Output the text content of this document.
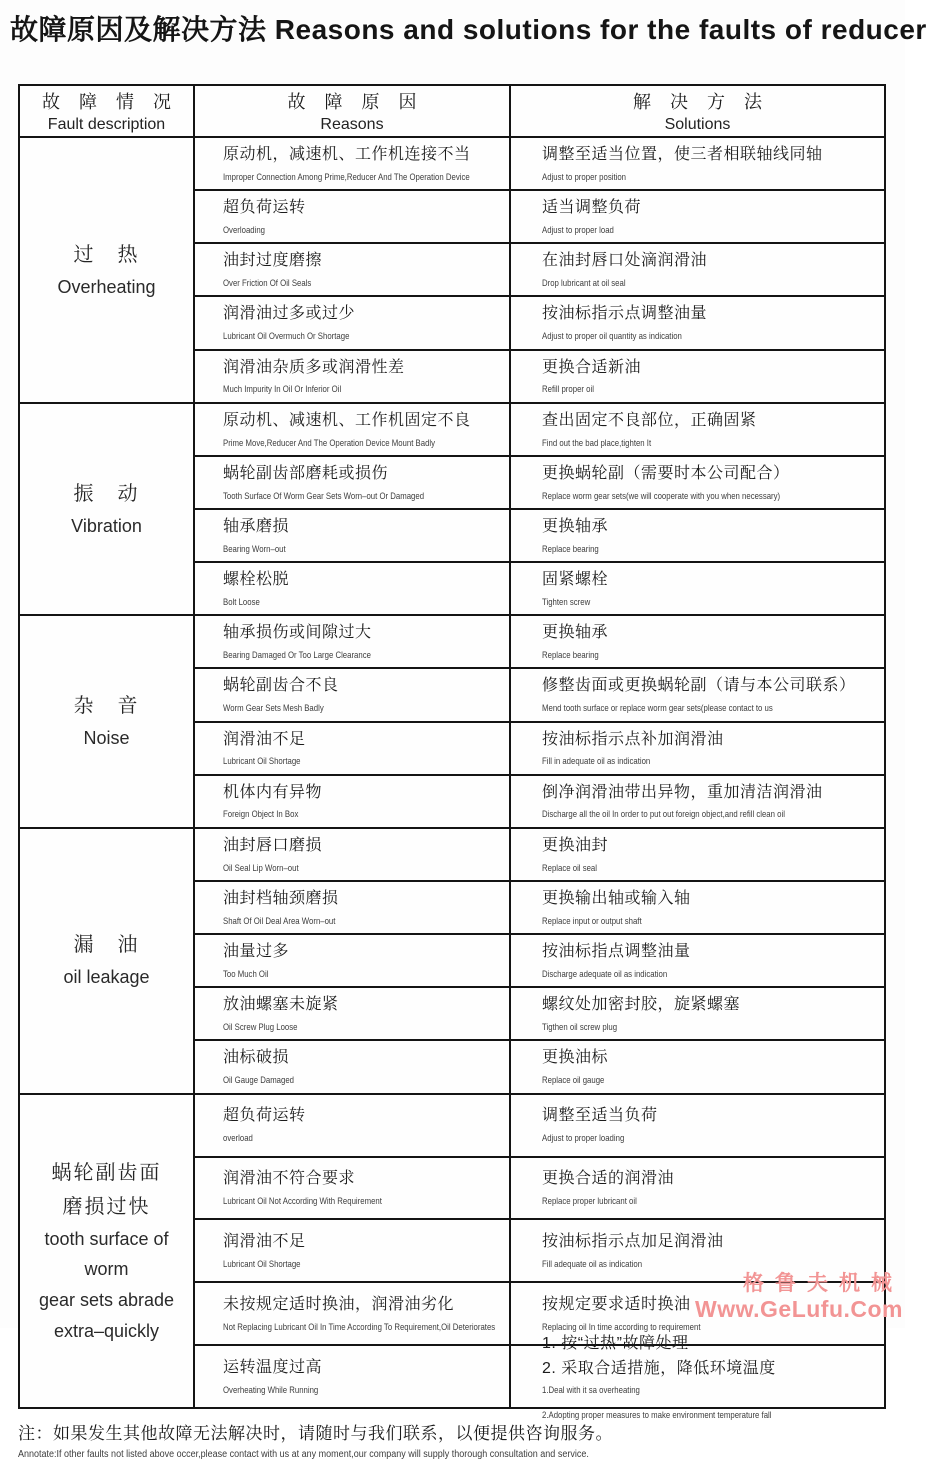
故障原因及解决方法 Reasons and solutions for the faults of reducer
故 障 情 况
Fault description
故 障 原 因
Reasons
解 决 方 法
Solutions
过　热
Overheating
原动机，减速机、工作机连接不当
Improper Connection Among Prime,Reducer And The Operation Device
调整至适当位置，使三者相联轴线同轴
Adjust to proper position
超负荷运转
Overloading
适当调整负荷
Adjust to proper load
油封过度磨擦
Over Friction Of Oil Seals
在油封唇口处滴润滑油
Drop lubricant at oil seal
润滑油过多或过少
Lubricant Oil Overmuch Or Shortage
按油标指示点调整油量
Adjust to proper oil quantity as indication
润滑油杂质多或润滑性差
Much Impurity In Oil Or Inferior Oil
更换合适新油
Refill proper oil
振　动
Vibration
原动机、减速机、工作机固定不良
Prime Move,Reducer And The Operation Device Mount Badly
查出固定不良部位，正确固紧
Find out the bad place,tighten It
蜗轮副齿部磨耗或损伤
Tooth Surface Of Worm Gear Sets Worn–out Or Damaged
更换蜗轮副（需要时本公司配合）
Replace worm gear sets(we will cooperate with you when necessary)
轴承磨损
Bearing Worn–out
更换轴承
Replace bearing
螺栓松脱
Bolt Loose
固紧螺栓
Tighten screw
杂　音
Noise
轴承损伤或间隙过大
Bearing Damaged Or Too Large Clearance
更换轴承
Replace bearing
蜗轮副齿合不良
Worm Gear Sets Mesh Badly
修整齿面或更换蜗轮副（请与本公司联系）
Mend tooth surface or replace worm gear sets(please contact to us
润滑油不足
Lubricant Oil Shortage
按油标指示点补加润滑油
Fill in adequate oil as indication
机体内有异物
Foreign Object In Box
倒净润滑油带出异物，重加清洁润滑油
Discharge all the oil In order to put out foreign object,and refill clean oil
漏　油
oil leakage
油封唇口磨损
Oil Seal Lip Worn–out
更换油封
Replace oil seal
油封档轴颈磨损
Shaft Of Oil Deal Area Worn–out
更换输出轴或输入轴
Replace input or output shaft
油量过多
Too Much Oil
按油标指点调整油量
Discharge adequate oil as indication
放油螺塞未旋紧
Oil Screw Plug Loose
螺纹处加密封胶，旋紧螺塞
Tigthen oil screw plug
油标破损
Oil Gauge Damaged
更换油标
Replace oil gauge
蜗轮副齿面
磨损过快
tooth surface of worm
gear sets abrade
extra–quickly
超负荷运转
overload
调整至适当负荷
Adjust to proper loading
润滑油不符合要求
Lubricant Oil Not According With Requirement
更换合适的润滑油
Replace proper lubricant oil
润滑油不足
Lubricant Oil Shortage
按油标指示点加足润滑油
Fill adequate oil as indication
未按规定适时换油，润滑油劣化
Not Replacing Lubricant Oil In Time According To Requirement,Oil Deteriorates
按规定要求适时换油
Replacing oil In time according to requirement
运转温度过高
Overheating While Running
1. 按“过热”故障处理
2. 采取合适措施，降低环境温度
1.Deal with it sa overheating
2.Adopting proper measures to make environment temperature fall
注：如果发生其他故障无法解决时，请随时与我们联系，以便提供咨询服务。
Annotate:If other faults not listed above occer,please contact with us at any moment,our company will supply thorough consultation and service.
格鲁夫机械
Www.GeLufu.Com
